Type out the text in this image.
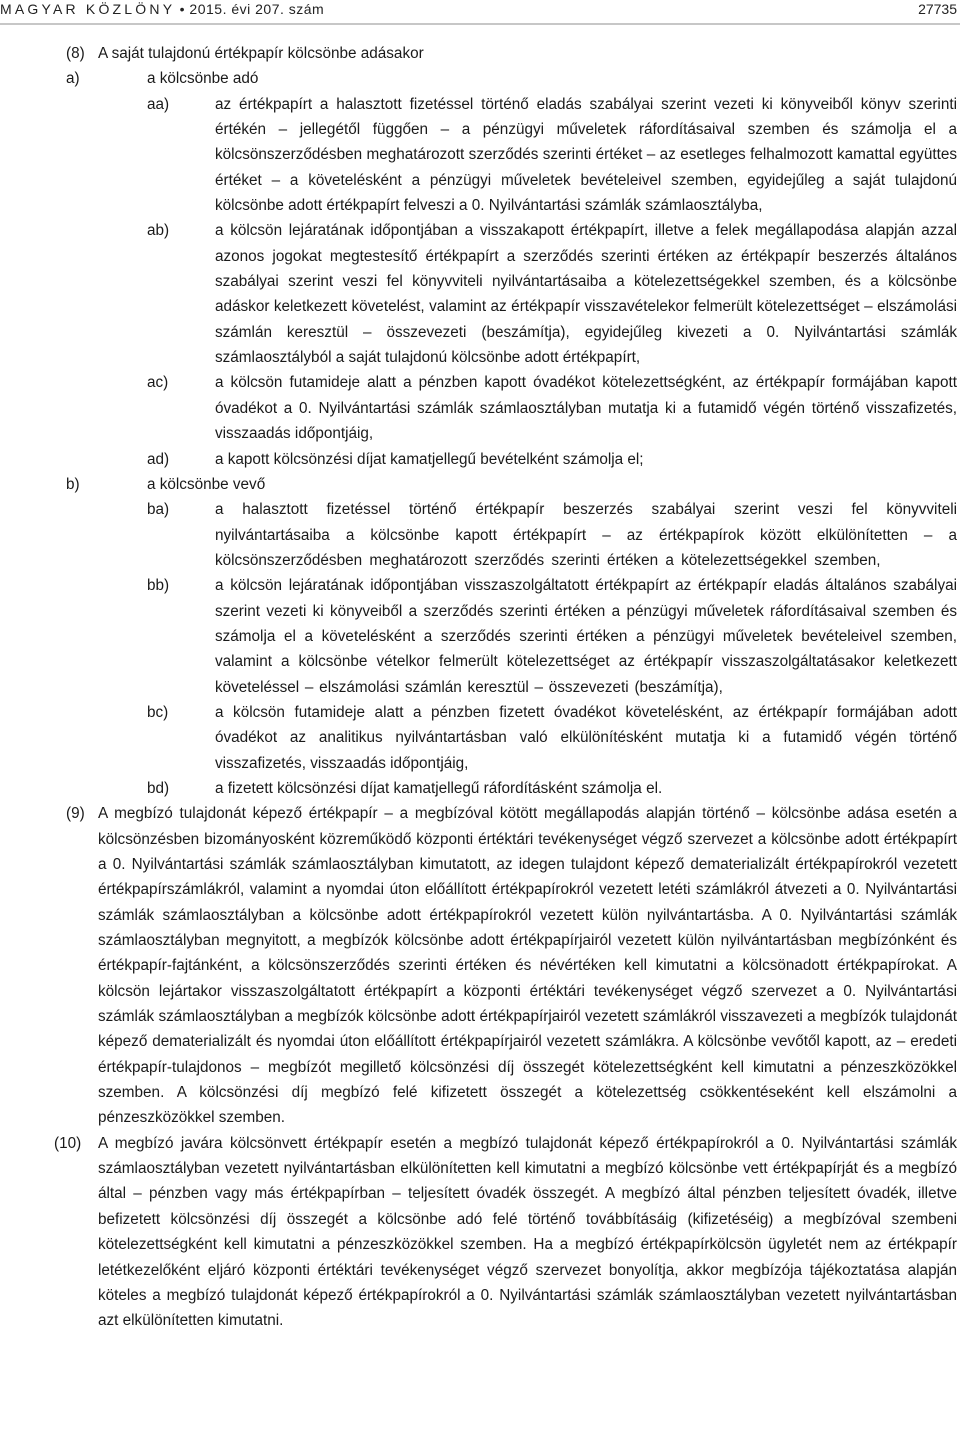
MAGYAR KÖZLÖNY • 2015. évi 207. szám	27735
(8) A saját tulajdonú értékpapír kölcsönbe adásakor
a)	a kölcsönbe adó
aa)	az értékpapírt a halasztott fizetéssel történő eladás szabályai szerint vezeti ki könyveiből könyv szerinti értékén – jellegétől függően – a pénzügyi műveletek ráfordításaival szemben és számolja el a kölcsönszerződésben meghatározott szerződés szerinti értéket – az esetleges felhalmozott kamattal együttes értéket – a követelésként a pénzügyi műveletek bevételeivel szemben, egyidejűleg a saját tulajdonú kölcsönbe adott értékpapírt felveszi a 0. Nyilvántartási számlák számlaosztályba,
ab)	a kölcsön lejáratának időpontjában a visszakapott értékpapírt, illetve a felek megállapodása alapján azzal azonos jogokat megtestesítő értékpapírt a szerződés szerinti értéken az értékpapír beszerzés általános szabályai szerint veszi fel könyvviteli nyilvántartásaiba a kötelezettségekkel szemben, és a kölcsönbe adáskor keletkezett követelést, valamint az értékpapír visszavételekor felmerült kötelezettséget – elszámolási számlán keresztül – összevezeti (beszámítja), egyidejűleg kivezeti a 0. Nyilvántartási számlák számlaosztályból a saját tulajdonú kölcsönbe adott értékpapírt,
ac)	a kölcsön futamideje alatt a pénzben kapott óvadékot kötelezettségként, az értékpapír formájában kapott óvadékot a 0. Nyilvántartási számlák számlaosztályban mutatja ki a futamidő végén történő visszafizetés, visszaadás időpontjáig,
ad)	a kapott kölcsönzési díjat kamatjellegű bevételként számolja el;
b)	a kölcsönbe vevő
ba)	a halasztott fizetéssel történő értékpapír beszerzés szabályai szerint veszi fel könyvviteli nyilvántartásaiba a kölcsönbe kapott értékpapírt – az értékpapírok között elkülönítetten – a kölcsönszerződésben meghatározott szerződés szerinti értéken a kötelezettségekkel szemben,
bb)	a kölcsön lejáratának időpontjában visszaszolgáltatott értékpapírt az értékpapír eladás általános szabályai szerint vezeti ki könyveiből a szerződés szerinti értéken a pénzügyi műveletek ráfordításaival szemben és számolja el a követelésként a szerződés szerinti értéken a pénzügyi műveletek bevételeivel szemben, valamint a kölcsönbe vételkor felmerült kötelezettséget az értékpapír visszaszolgáltatásakor keletkezett követeléssel – elszámolási számlán keresztül – összevezeti (beszámítja),
bc)	a kölcsön futamideje alatt a pénzben fizetett óvadékot követelésként, az értékpapír formájában adott óvadékot az analitikus nyilvántartásban való elkülönítésként mutatja ki a futamidő végén történő visszafizetés, visszaadás időpontjáig,
bd)	a fizetett kölcsönzési díjat kamatjellegű ráfordításként számolja el.
(9) A megbízó tulajdonát képező értékpapír – a megbízóval kötött megállapodás alapján történő – kölcsönbe adása esetén a kölcsönzésben bizományosként közreműködő központi értéktári tevékenységet végző szervezet a kölcsönbe adott értékpapírt a 0. Nyilvántartási számlák számlaosztályban kimutatott, az idegen tulajdont képező dematerializált értékpapírokról vezetett értékpapírszámlákról, valamint a nyomdai úton előállított értékpapírokról vezetett letéti számlákról átvezeti a 0. Nyilvántartási számlák számlaosztályban a kölcsönbe adott értékpapírokról vezetett külön nyilvántartásba. A 0. Nyilvántartási számlák számlaosztályban megnyitott, a megbízók kölcsönbe adott értékpapírjairól vezetett külön nyilvántartásban megbízónként és értékpapír-fajtánként, a kölcsönszerződés szerinti értéken és névértéken kell kimutatni a kölcsönadott értékpapírokat. A kölcsön lejártakor visszaszolgáltatott értékpapírt a központi értéktári tevékenységet végző szervezet a 0. Nyilvántartási számlák számlaosztályban a megbízók kölcsönbe adott értékpapírjairól vezetett számlákról visszavezeti a megbízók tulajdonát képező dematerializált és nyomdai úton előállított értékpapírjairól vezetett számlákra. A kölcsönbe vevőtől kapott, az – eredeti értékpapír-tulajdonos – megbízót megillető kölcsönzési díj összegét kötelezettségként kell kimutatni a pénzeszközökkel szemben. A kölcsönzési díj megbízó felé kifizetett összegét a kötelezettség csökkentéseként kell elszámolni a pénzeszközökkel szemben.
(10) A megbízó javára kölcsönvett értékpapír esetén a megbízó tulajdonát képező értékpapírokról a 0. Nyilvántartási számlák számlaosztályban vezetett nyilvántartásban elkülönítetten kell kimutatni a megbízó kölcsönbe vett értékpapírját és a megbízó által – pénzben vagy más értékpapírban – teljesített óvadék összegét. A megbízó által pénzben teljesített óvadék, illetve befizetett kölcsönzési díj összegét a kölcsönbe adó felé történő továbbításáig (kifizetéséig) a megbízóval szembeni kötelezettségként kell kimutatni a pénzeszközökkel szemben. Ha a megbízó értékpapírkölcsön ügyletét nem az értékpapír letétkezelőként eljáró központi értéktári tevékenységet végző szervezet bonyolítja, akkor megbízója tájékoztatása alapján köteles a megbízó tulajdonát képező értékpapírokról a 0. Nyilvántartási számlák számlaosztályban vezetett nyilvántartásban azt elkülönítetten kimutatni.
